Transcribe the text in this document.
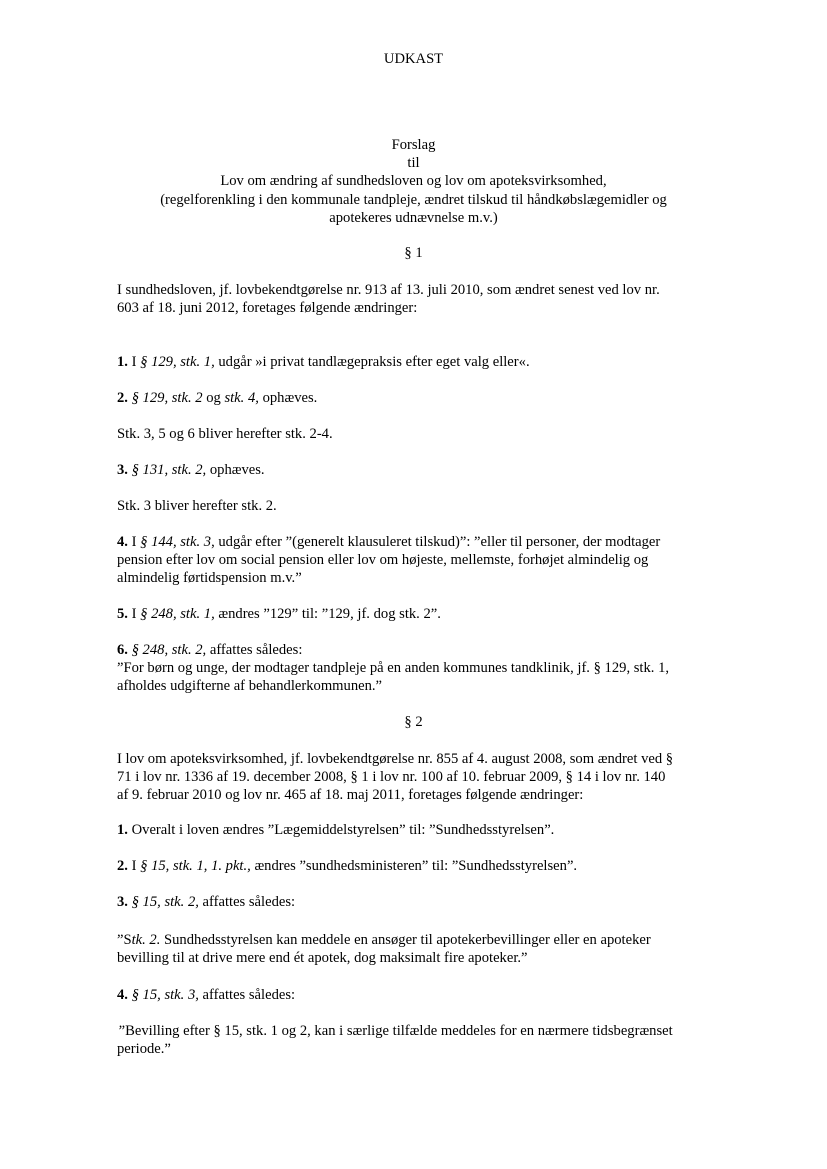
UDKAST
Forslag
til
Lov om ændring af sundhedsloven og lov om apoteksvirksomhed,
(regelforenkling i den kommunale tandpleje, ændret tilskud til håndkøbslægemidler og
apotekeres udnævnelse m.v.)
§ 1
I sundhedsloven, jf. lovbekendtgørelse nr. 913 af 13. juli 2010, som ændret senest ved lov nr.
603 af 18. juni 2012, foretages følgende ændringer:
1. I § 129, stk. 1, udgår »i privat tandlægepraksis efter eget valg eller«.
2. § 129, stk. 2 og stk. 4, ophæves.
Stk. 3, 5 og 6 bliver herefter stk. 2-4.
3. § 131, stk. 2, ophæves.
Stk. 3 bliver herefter stk. 2.
4. I § 144, stk. 3, udgår efter ”(generelt klausuleret tilskud)”: ”eller til personer, der modtager
pension efter lov om social pension eller lov om højeste, mellemste, forhøjet almindelig og
almindelig førtidspension m.v.”
5. I § 248, stk. 1, ændres ”129” til: ”129, jf. dog stk. 2”.
6. § 248, stk. 2, affattes således:
”For børn og unge, der modtager tandpleje på en anden kommunes tandklinik, jf. § 129, stk. 1,
afholdes udgifterne af behandlerkommunen.”
§ 2
I lov om apoteksvirksomhed, jf. lovbekendtgørelse nr. 855 af 4. august 2008, som ændret ved §
71 i lov nr. 1336 af 19. december 2008, § 1 i lov nr. 100 af 10. februar 2009, § 14 i lov nr. 140
af 9. februar 2010 og lov nr. 465 af 18. maj 2011, foretages følgende ændringer:
1. Overalt i loven ændres ”Lægemiddelstyrelsen” til: ”Sundhedsstyrelsen”.
2. I § 15, stk. 1, 1. pkt., ændres ”sundhedsministeren” til: ”Sundhedsstyrelsen”.
3. § 15, stk. 2, affattes således:
”Stk. 2. Sundhedsstyrelsen kan meddele en ansøger til apotekerbevillinger eller en apoteker
bevilling til at drive mere end ét apotek, dog maksimalt fire apoteker.”
4. § 15, stk. 3, affattes således:
”Bevilling efter § 15, stk. 1 og 2, kan i særlige tilfælde meddeles for en nærmere tidsbegrænset
periode.”
